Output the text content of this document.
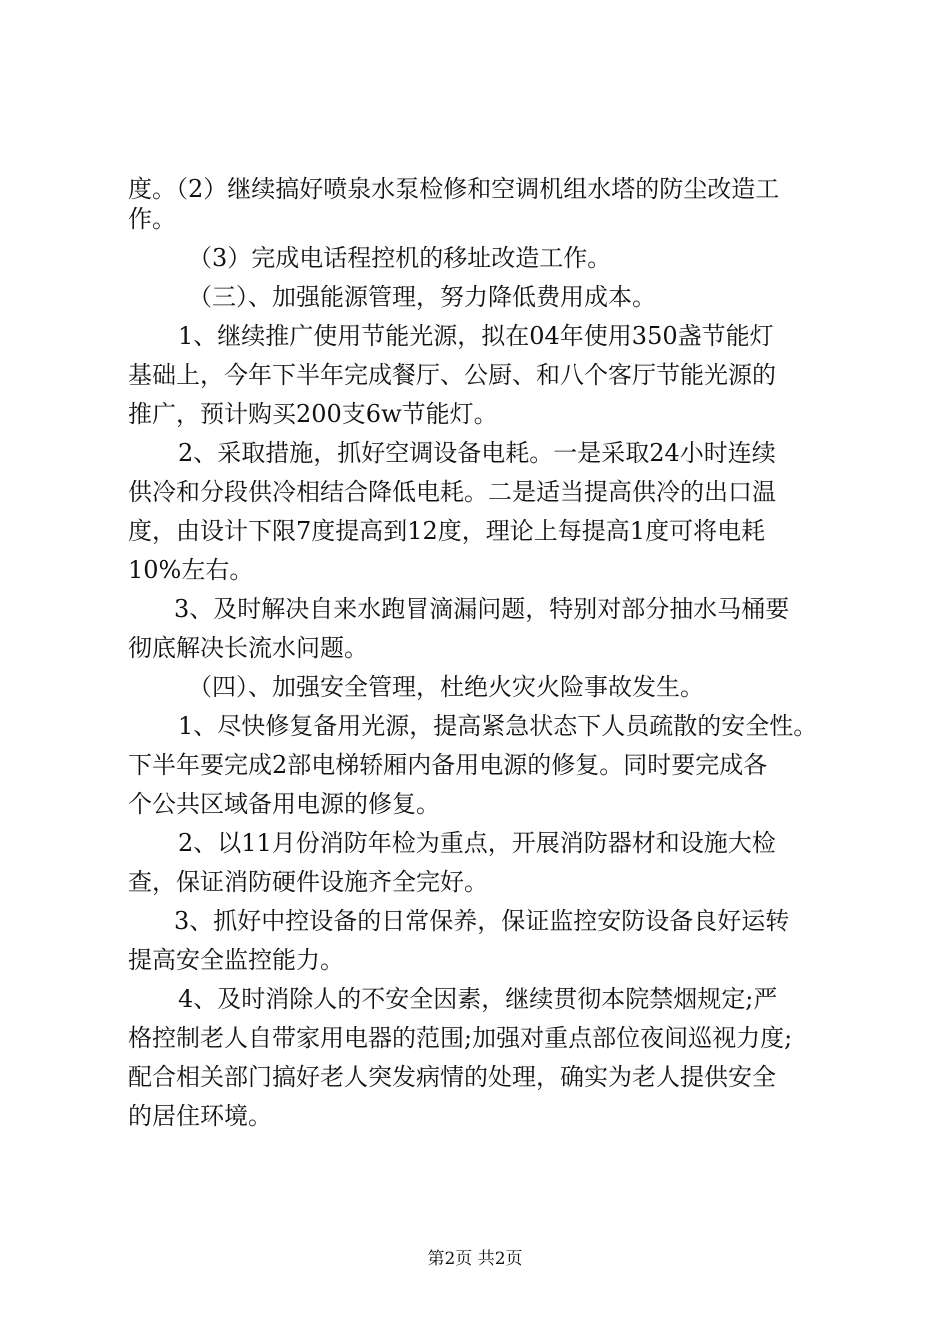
度。（2）继续搞好喷泉水泵检修和空调机组水塔的防尘改造工
作。
（3）完成电话程控机的移址改造工作。
（三）、加强能源管理，努力降低费用成本。
1、继续推广使用节能光源，拟在04年使用350盏节能灯
基础上，今年下半年完成餐厅、公厨、和八个客厅节能光源的
推广，预计购买200支6w节能灯。
2、采取措施，抓好空调设备电耗。一是采取24小时连续
供冷和分段供冷相结合降低电耗。二是适当提高供冷的出口温
度，由设计下限7度提高到12度，理论上每提高1度可将电耗
10%左右。
3、及时解决自来水跑冒滴漏问题，特别对部分抽水马桶要
彻底解决长流水问题。
（四）、加强安全管理，杜绝火灾火险事故发生。
1、尽快修复备用光源，提高紧急状态下人员疏散的安全性。
下半年要完成2部电梯轿厢内备用电源的修复。同时要完成各
个公共区域备用电源的修复。
2、以11月份消防年检为重点，开展消防器材和设施大检
查，保证消防硬件设施齐全完好。
3、抓好中控设备的日常保养，保证监控安防设备良好运转
提高安全监控能力。
4、及时消除人的不安全因素，继续贯彻本院禁烟规定;严
格控制老人自带家用电器的范围;加强对重点部位夜间巡视力度;
配合相关部门搞好老人突发病情的处理，确实为老人提供安全
的居住环境。
第2页 共2页
